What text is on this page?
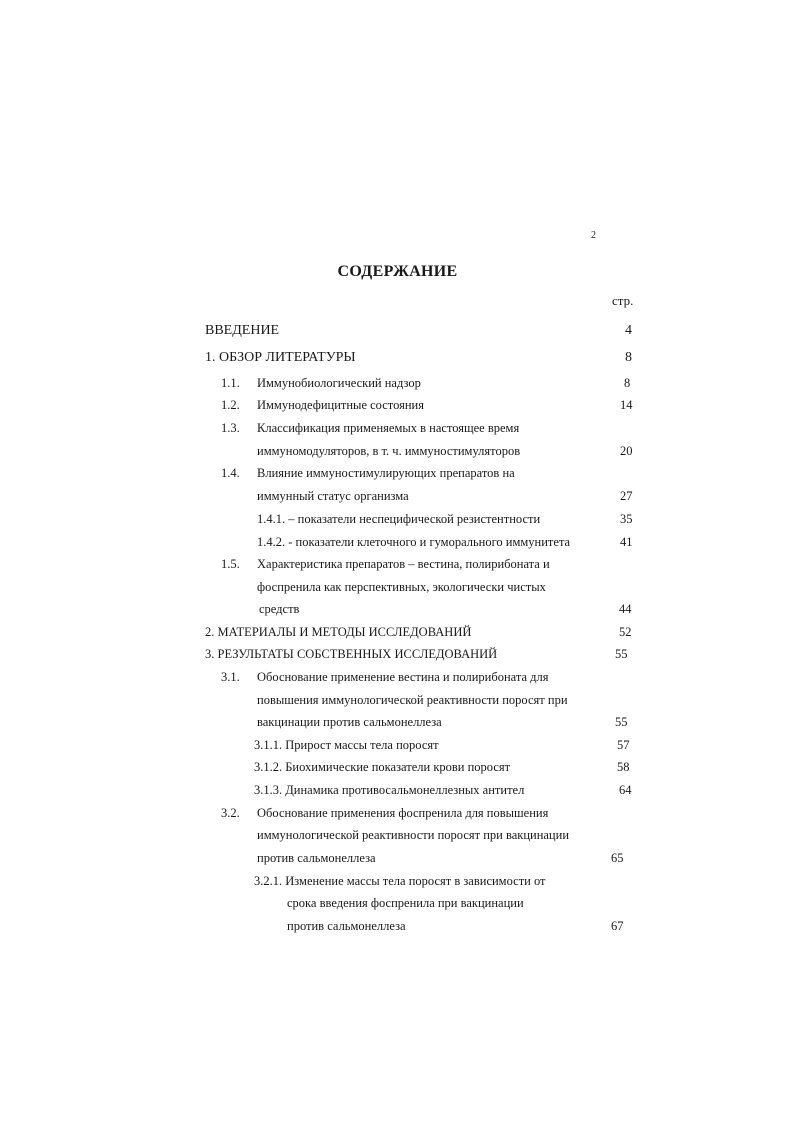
2
СОДЕРЖАНИЕ
стр.
ВВЕДЕНИЕ	4
1. ОБЗОР ЛИТЕРАТУРЫ	8
1.1. Иммунобиологический надзор	8
1.2. Иммунодефицитные состояния	14
1.3. Классификация применяемых в настоящее время
иммуномодуляторов, в т. ч. иммуностимуляторов	20
1.4. Влияние иммуностимулирующих препаратов на
иммунный статус организма	27
1.4.1. – показатели неспецифической резистентности	35
1.4.2. - показатели клеточного и гуморального иммунитета	41
1.5. Характеристика препаратов – вестина, полирибоната и
фоспренила как перспективных, экологически чистых
средств	44
2. МАТЕРИАЛЫ И МЕТОДЫ ИССЛЕДОВАНИЙ	52
3. РЕЗУЛЬТАТЫ СОБСТВЕННЫХ ИССЛЕДОВАНИЙ	55
3.1. Обоснование применение вестина и полирибоната для
повышения иммунологической реактивности поросят при
вакцинации против сальмонеллеза	55
3.1.1. Прирост массы тела поросят	57
3.1.2. Биохимические показатели крови поросят	58
3.1.3. Динамика противосальмонеллезных антител	64
3.2. Обоснование применения фоспренила для повышения
иммунологической реактивности поросят при вакцинации
против сальмонеллеза	65
3.2.1. Изменение массы тела поросят в зависимости от
срока введения фоспренила при вакцинации
против сальмонеллеза	67
